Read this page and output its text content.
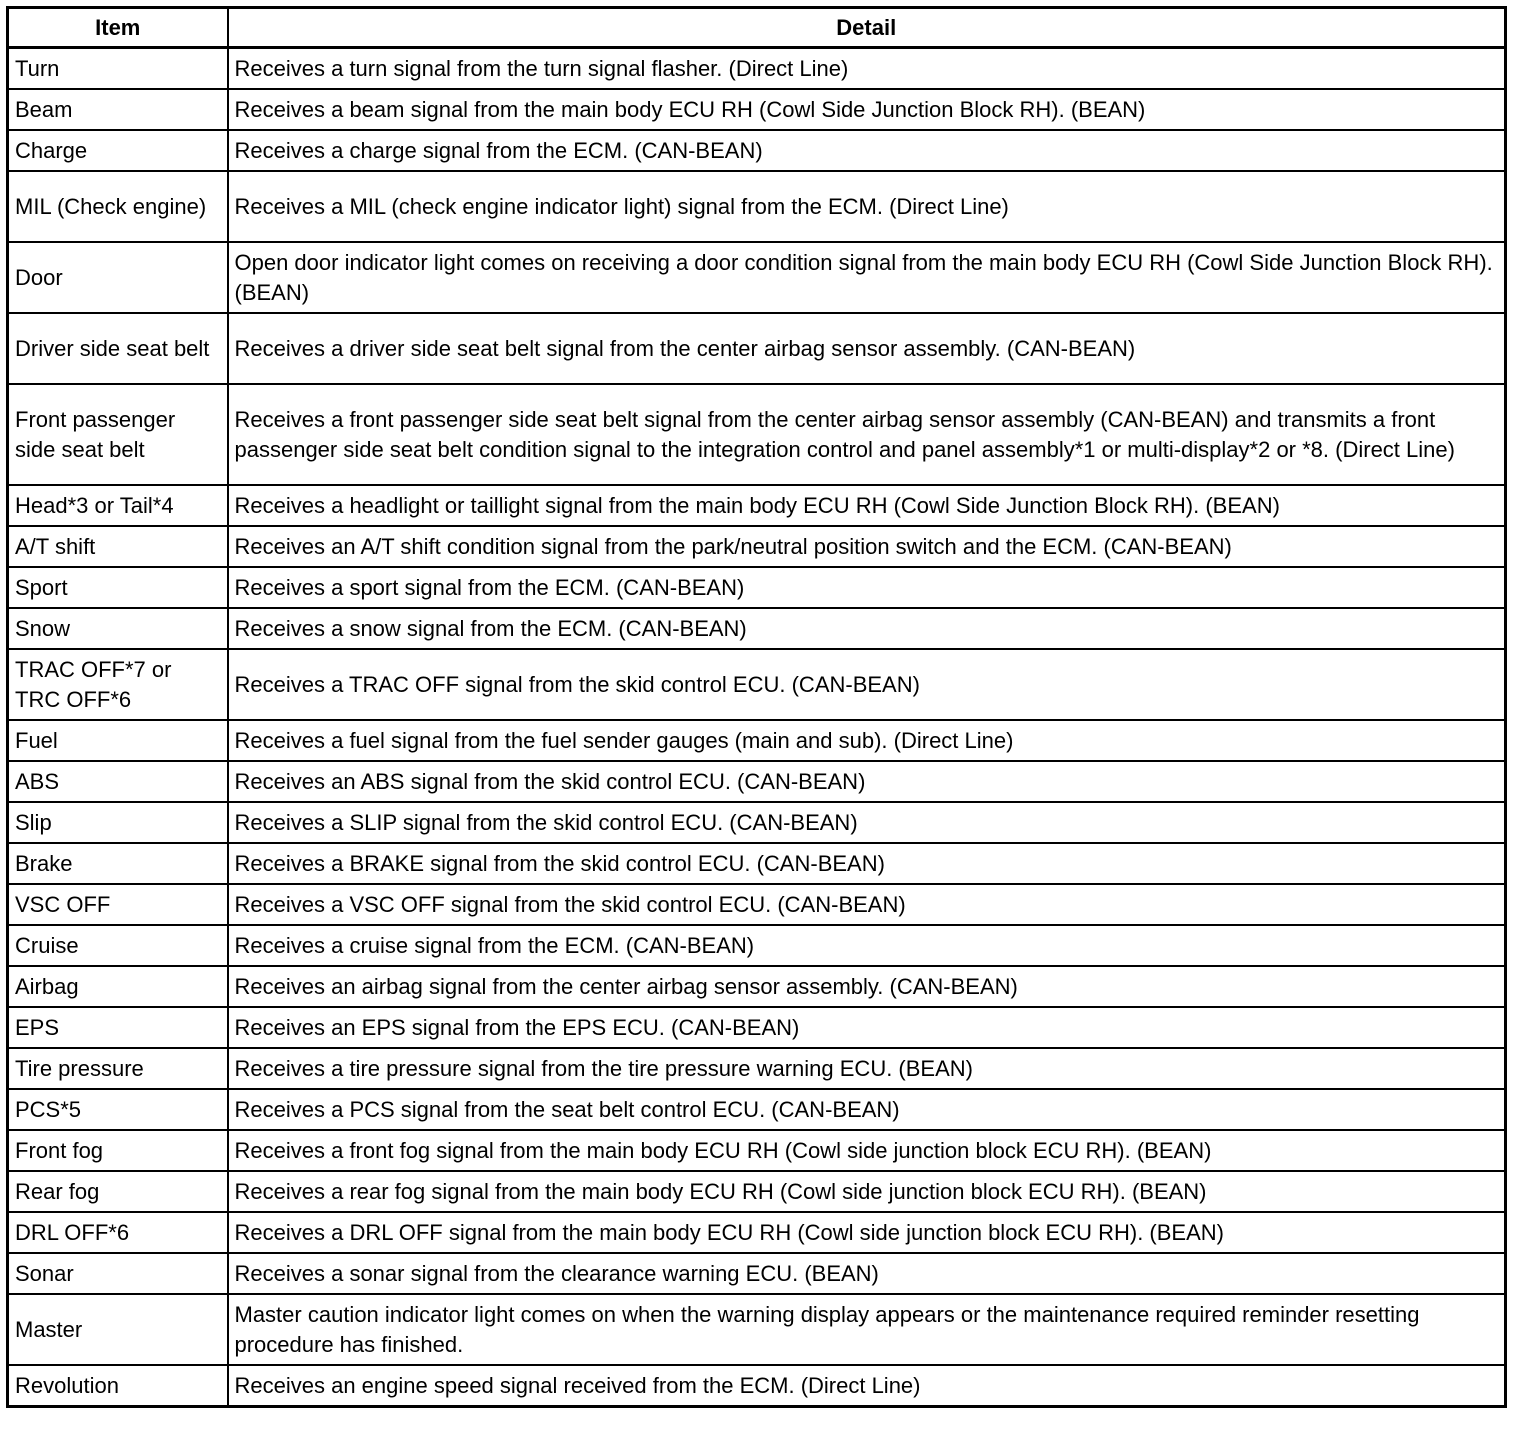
Item	Detail
Turn	Receives a turn signal from the turn signal flasher. (Direct Line)
Beam	Receives a beam signal from the main body ECU RH (Cowl Side Junction Block RH). (BEAN)
Charge	Receives a charge signal from the ECM. (CAN-BEAN)
MIL (Check engine)	Receives a MIL (check engine indicator light) signal from the ECM. (Direct Line)
Door	Open door indicator light comes on receiving a door condition signal from the main body ECU RH (Cowl Side Junction Block RH). (BEAN)
Driver side seat belt	Receives a driver side seat belt signal from the center airbag sensor assembly. (CAN-BEAN)
Front passenger side seat belt	Receives a front passenger side seat belt signal from the center airbag sensor assembly (CAN-BEAN) and transmits a front passenger side seat belt condition signal to the integration control and panel assembly*1 or multi-display*2 or *8. (Direct Line)
Head*3 or Tail*4	Receives a headlight or taillight signal from the main body ECU RH (Cowl Side Junction Block RH). (BEAN)
A/T shift	Receives an A/T shift condition signal from the park/neutral position switch and the ECM. (CAN-BEAN)
Sport	Receives a sport signal from the ECM. (CAN-BEAN)
Snow	Receives a snow signal from the ECM. (CAN-BEAN)
TRAC OFF*7 or TRC OFF*6	Receives a TRAC OFF signal from the skid control ECU. (CAN-BEAN)
Fuel	Receives a fuel signal from the fuel sender gauges (main and sub). (Direct Line)
ABS	Receives an ABS signal from the skid control ECU. (CAN-BEAN)
Slip	Receives a SLIP signal from the skid control ECU. (CAN-BEAN)
Brake	Receives a BRAKE signal from the skid control ECU. (CAN-BEAN)
VSC OFF	Receives a VSC OFF signal from the skid control ECU. (CAN-BEAN)
Cruise	Receives a cruise signal from the ECM. (CAN-BEAN)
Airbag	Receives an airbag signal from the center airbag sensor assembly. (CAN-BEAN)
EPS	Receives an EPS signal from the EPS ECU. (CAN-BEAN)
Tire pressure	Receives a tire pressure signal from the tire pressure warning ECU. (BEAN)
PCS*5	Receives a PCS signal from the seat belt control ECU. (CAN-BEAN)
Front fog	Receives a front fog signal from the main body ECU RH (Cowl side junction block ECU RH). (BEAN)
Rear fog	Receives a rear fog signal from the main body ECU RH (Cowl side junction block ECU RH). (BEAN)
DRL OFF*6	Receives a DRL OFF signal from the main body ECU RH (Cowl side junction block ECU RH). (BEAN)
Sonar	Receives a sonar signal from the clearance warning ECU. (BEAN)
Master	Master caution indicator light comes on when the warning display appears or the maintenance required reminder resetting procedure has finished.
Revolution	Receives an engine speed signal received from the ECM. (Direct Line)
